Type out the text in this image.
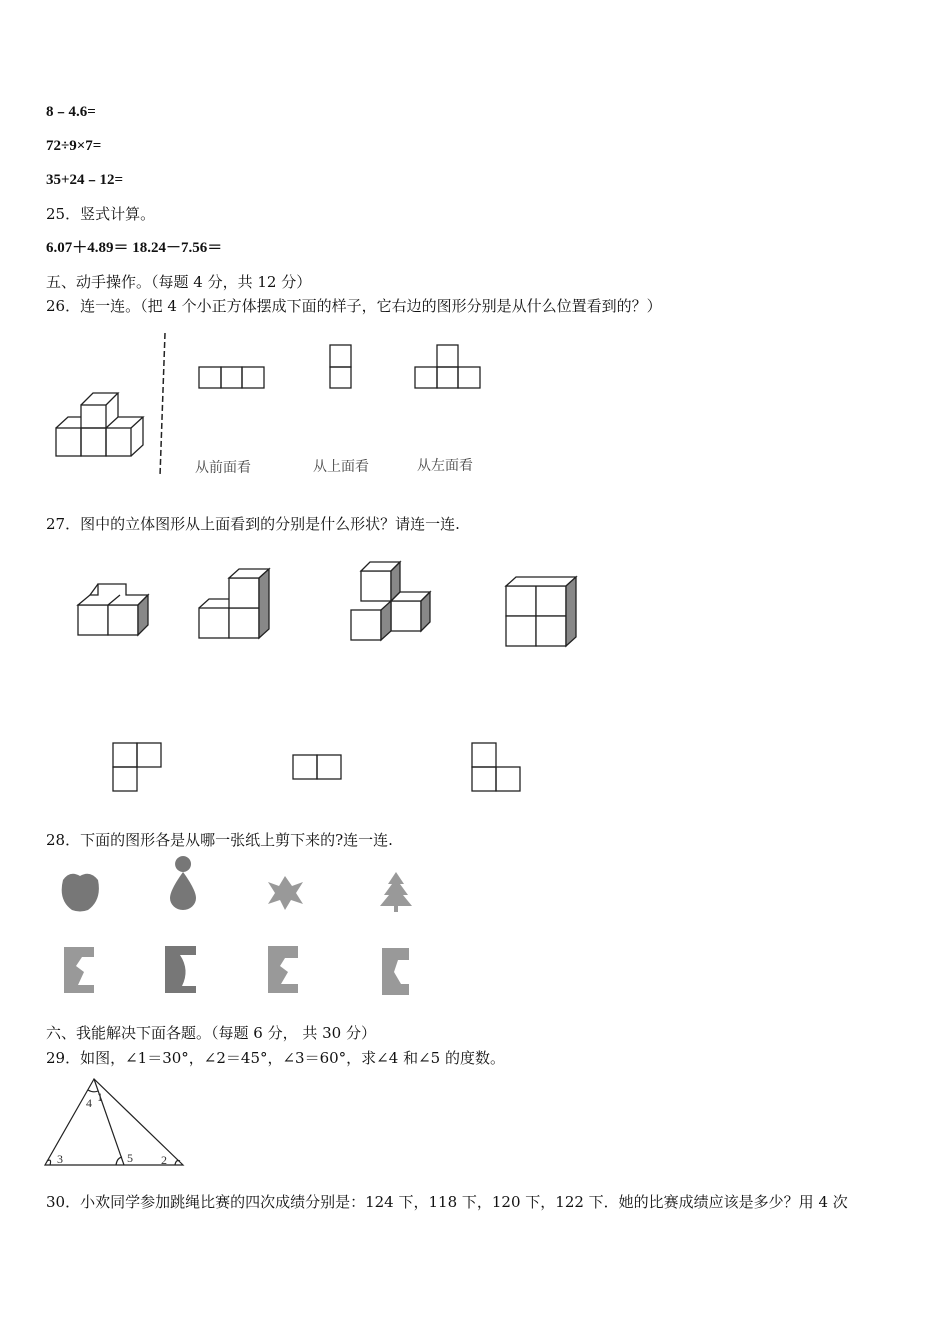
8﹣4.6=
72÷9×7=
35+24﹣12=
25．竖式计算。
6.07＋4.89＝ 18.24－7.56＝
五、动手操作。（每题 4 分，共 12 分）
26．连一连。（把 4 个小正方体摆成下面的样子，它右边的图形分别是从什么位置看到的？）
从前面看	从上面看	从左面看
27．图中的立体图形从上面看到的分别是什么形状？请连一连.
28．下面的图形各是从哪一张纸上剪下来的?连一连.
六、我能解决下面各题。（每题 6 分， 共 30 分）
29．如图，∠1＝30°，∠2＝45°，∠3＝60°，求∠4 和∠5 的度数。
1
2
3
4
5
30．小欢同学参加跳绳比赛的四次成绩分别是：124 下，118 下，120 下，122 下．她的比赛成绩应该是多少？用 4 次
